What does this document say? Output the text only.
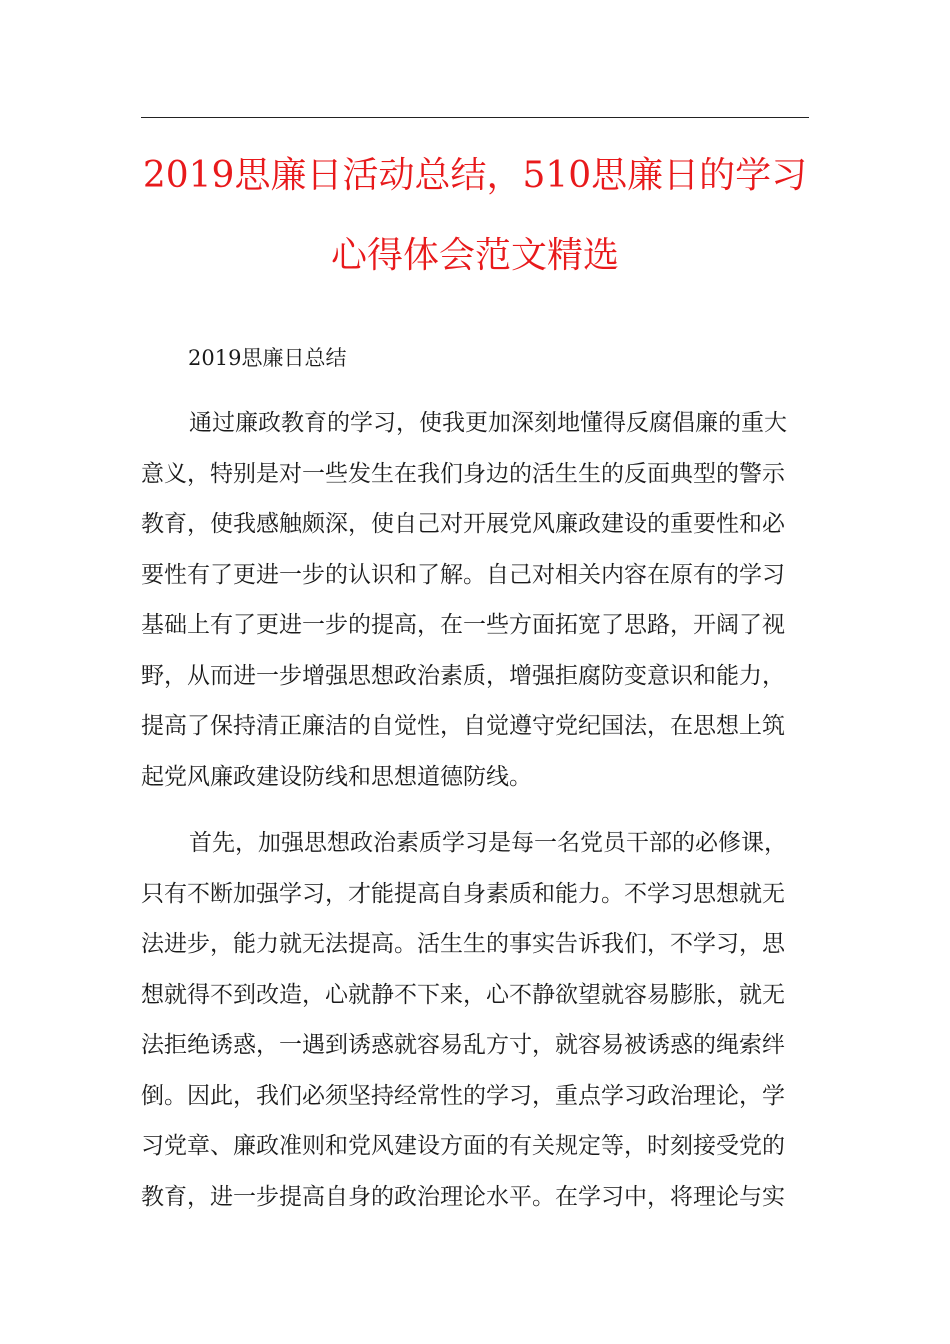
2019思廉日活动总结，510思廉日的学习
心得体会范文精选
2019思廉日总结

通过廉政教育的学习，使我更加深刻地懂得反腐倡廉的重大
意义，特别是对一些发生在我们身边的活生生的反面典型的警示
教育，使我感触颇深，使自己对开展党风廉政建设的重要性和必
要性有了更进一步的认识和了解。自己对相关内容在原有的学习
基础上有了更进一步的提高，在一些方面拓宽了思路，开阔了视
野，从而进一步增强思想政治素质，增强拒腐防变意识和能力，
提高了保持清正廉洁的自觉性，自觉遵守党纪国法，在思想上筑
起党风廉政建设防线和思想道德防线。

首先，加强思想政治素质学习是每一名党员干部的必修课，
只有不断加强学习，才能提高自身素质和能力。不学习思想就无
法进步，能力就无法提高。活生生的事实告诉我们，不学习，思
想就得不到改造，心就静不下来，心不静欲望就容易膨胀，就无
法拒绝诱惑，一遇到诱惑就容易乱方寸，就容易被诱惑的绳索绊
倒。因此，我们必须坚持经常性的学习，重点学习政治理论，学
习党章、廉政准则和党风建设方面的有关规定等，时刻接受党的
教育，进一步提高自身的政治理论水平。在学习中，将理论与实
